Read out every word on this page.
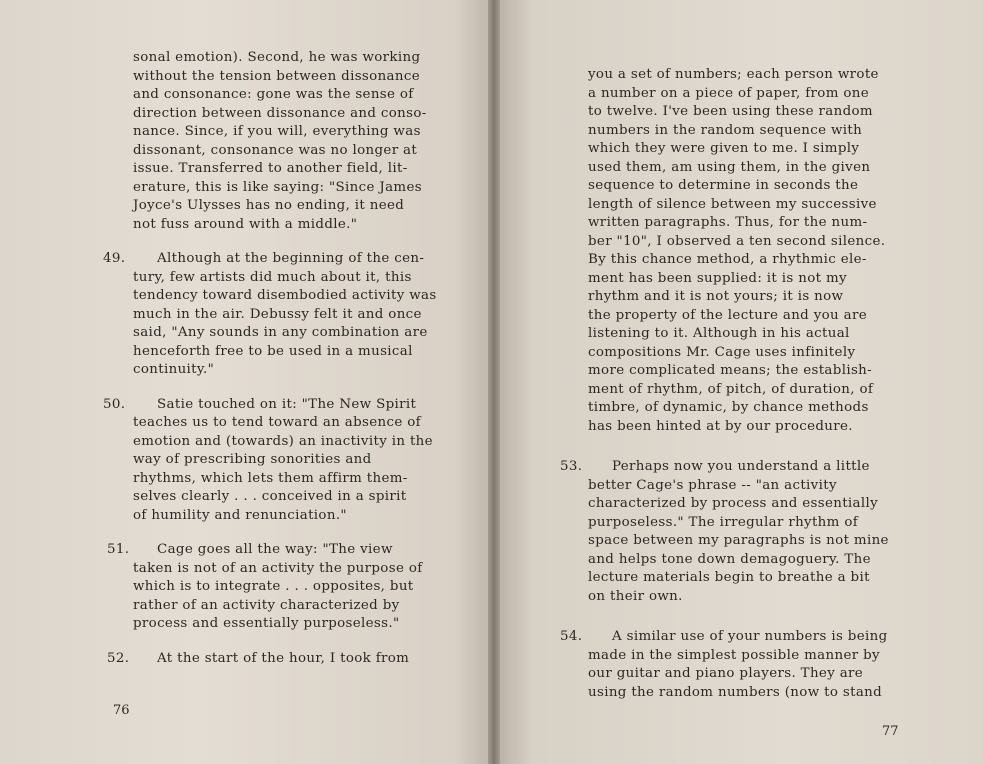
sonal emotion). Second, he was working
without the tension between dissonance
and consonance: gone was the sense of
direction between dissonance and conso-
nance. Since, if you will, everything was
dissonant, consonance was no longer at
issue. Transferred to another field, lit-
erature, this is like saying: "Since James
Joyce's Ulysses has no ending, it need
not fuss around with a middle."
49.	Although at the beginning of the cen-
tury, few artists did much about it, this
tendency toward disembodied activity was
much in the air. Debussy felt it and once
said, "Any sounds in any combination are
henceforth free to be used in a musical
continuity."
50.	Satie touched on it: "The New Spirit
teaches us to tend toward an absence of
emotion and (towards) an inactivity in the
way of prescribing sonorities and
rhythms, which lets them affirm them-
selves clearly . . . conceived in a spirit
of humility and renunciation."
51.	Cage goes all the way: "The view
taken is not of an activity the purpose of
which is to integrate . . . opposites, but
rather of an activity characterized by
process and essentially purposeless."
52.	At the start of the hour, I took from
76
you a set of numbers; each person wrote
a number on a piece of paper, from one
to twelve. I've been using these random
numbers in the random sequence with
which they were given to me. I simply
used them, am using them, in the given
sequence to determine in seconds the
length of silence between my successive
written paragraphs. Thus, for the num-
ber "10", I observed a ten second silence.
By this chance method, a rhythmic ele-
ment has been supplied: it is not my
rhythm and it is not yours; it is now
the property of the lecture and you are
listening to it. Although in his actual
compositions Mr. Cage uses infinitely
more complicated means; the establish-
ment of rhythm, of pitch, of duration, of
timbre, of dynamic, by chance methods
has been hinted at by our procedure.
53.	Perhaps now you understand a little
better Cage's phrase -- "an activity
characterized by process and essentially
purposeless." The irregular rhythm of
space between my paragraphs is not mine
and helps tone down demagoguery. The
lecture materials begin to breathe a bit
on their own.
54.	A similar use of your numbers is being
made in the simplest possible manner by
our guitar and piano players. They are
using the random numbers (now to stand
77
